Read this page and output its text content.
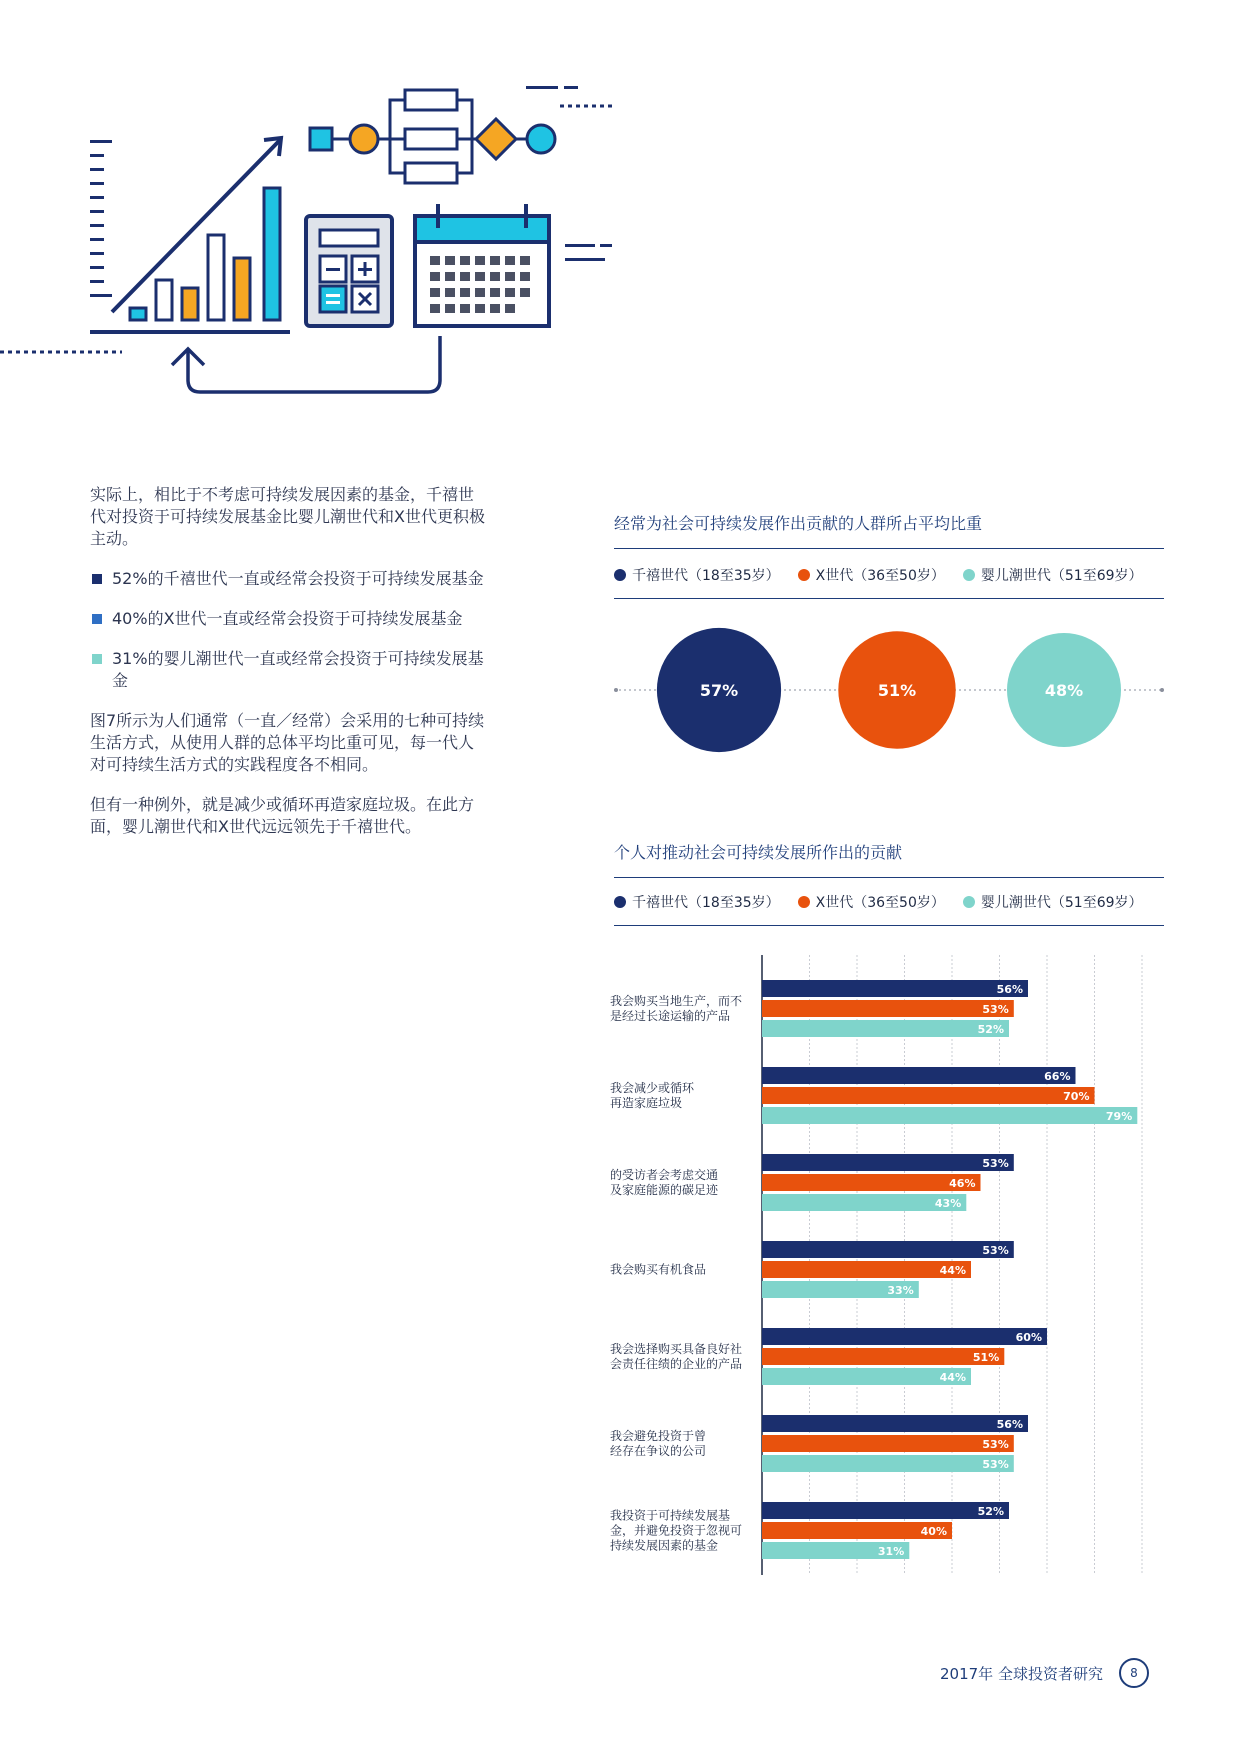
实际上，相比于不考虑可持续发展因素的基金，千禧世代对投资于可持续发展基金比婴儿潮世代和X世代更积极主动。

52%的千禧世代一直或经常会投资于可持续发展基金
40%的X世代一直或经常会投资于可持续发展基金
31%的婴儿潮世代一直或经常会投资于可持续发展基金

图7所示为人们通常（一直／经常）会采用的七种可持续生活方式，从使用人群的总体平均比重可见，每一代人对可持续生活方式的实践程度各不相同。

但有一种例外，就是减少或循环再造家庭垃圾。在此方面，婴儿潮世代和X世代远远领先于千禧世代。

经常为社会可持续发展作出贡献的人群所占平均比重
千禧世代（18至35岁）	X世代（36至50岁）	婴儿潮世代（51至69岁）
57%	51%	48%
个人对推动社会可持续发展所作出的贡献
千禧世代（18至35岁）	X世代（36至50岁）	婴儿潮世代（51至69岁）
56%
53%
52%
我会购买当地生产，而不
是经过长途运输的产品
66%
70%
79%
我会减少或循环
再造家庭垃圾
53%
46%
43%
的受访者会考虑交通
及家庭能源的碳足迹
53%
44%
33%
我会购买有机食品
60%
51%
44%
我会选择购买具备良好社
会责任往绩的企业的产品
56%
53%
53%
我会避免投资于曾
经存在争议的公司
52%
40%
31%
我投资于可持续发展基
金，并避免投资于忽视可
持续发展因素的基金
2017年 全球投资者研究 8
